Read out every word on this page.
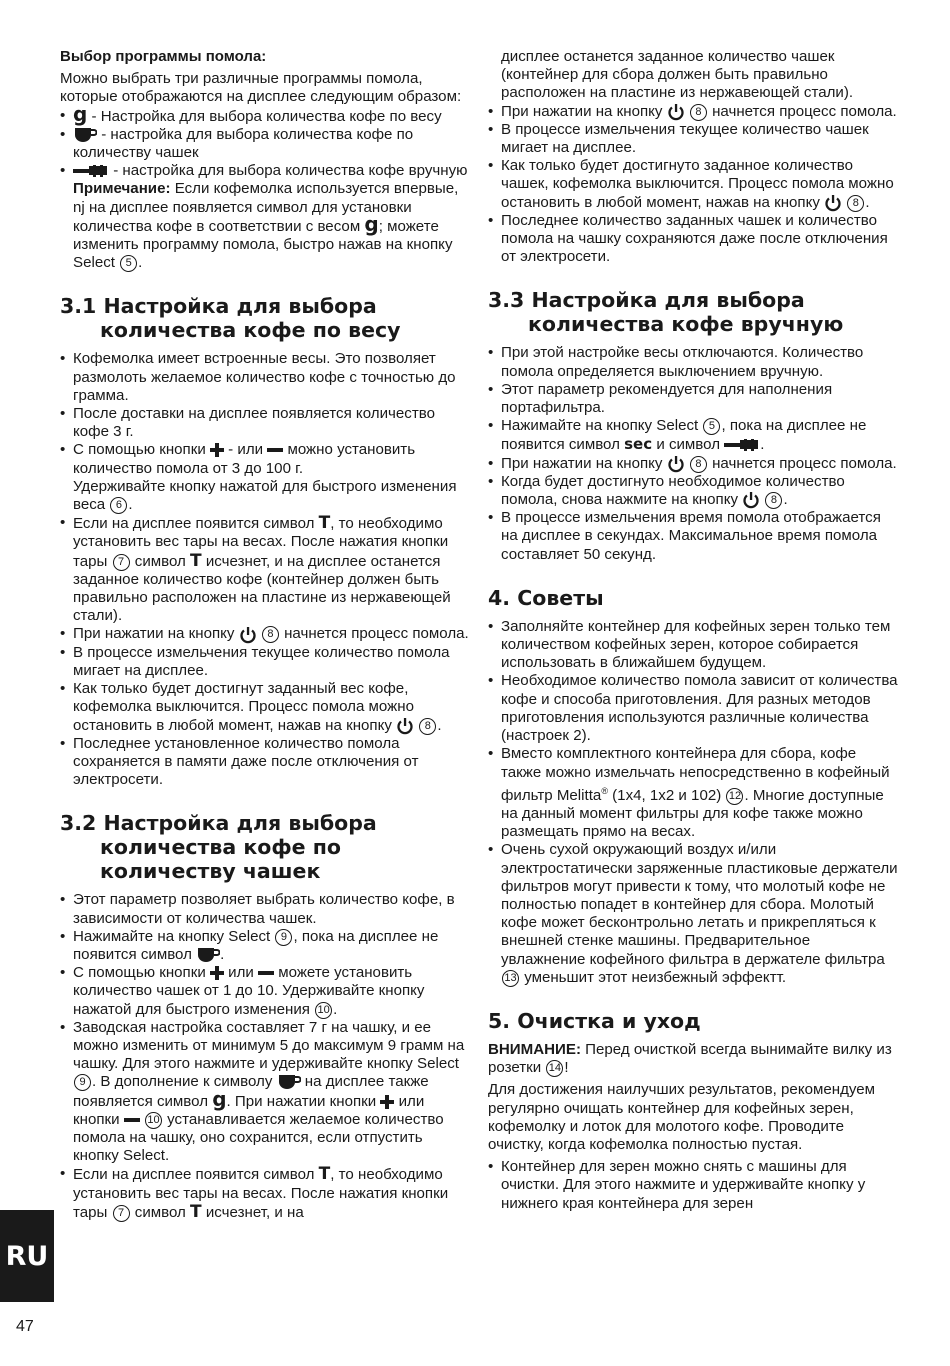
Выбор программы помола:

Можно выбрать три различные программы помола, которые отображаются на дисплее следующим образом:

• g - Настройка для выбора количества кофе по весу
• - настройка для выбора количества кофе по количеству чашек
• - настройка для выбора количества кофе вручную

Примечание: Если кофемолка используется впервые, nj на дисплее появляется символ для установки количества кофе в соответствии с весом g; можете изменить программу помола, быстро нажав на кнопку Select 5 .

3.1 Настройка для выбора количества кофе по весу
• Кофемолка имеет встроенные весы. Это позволяет размолоть желаемое количество кофе с точностью до грамма.
• После доставки на дисплее появляется количество кофе 3 г.
• С помощью кнопки  - или  можно установить количество помола от 3 до 100 г.
Удерживайте кнопку нажатой для быстрого изменения веса 6 .
• Если на дисплее появится символ T, то необходимо установить вес тары на весах. После нажатия кнопки тары 7 символ T исчезнет, и на дисплее останется заданное количество кофе (контейнер должен быть правильно расположен на пластине из нержавеющей стали).
• При нажатии на кнопку	8 начнется процесс помола.
• В процессе измельчения текущее количество помола мигает на дисплее.
• Как только будет достигнут заданный вес кофе, кофемолка выключится. Процесс помола можно остановить в любой момент, нажав на кнопку	8 .
• Последнее установленное количество помола сохраняется в памяти даже после отключения от электросети.
3.2 Настройка для выбора количества кофе по количеству чашек
• Этот параметр позволяет выбрать количество кофе, в зависимости от количества чашек.
• Нажимайте на кнопку Select 9 , пока на дисплее не появится символ .
• С помощью кнопки  или  можете установить количество чашек от 1 до 10. Удерживайте кнопку нажатой для быстрого изменения 10 .
• Заводская настройка составляет 7 г на чашку, и ее можно изменить от минимум 5 до максимум 9 грамм на чашку. Для этого нажмите и удерживайте кнопку Select 9 . В дополнение к символу  на дисплее также появляется символ g. При нажатии кнопки  или кнопки  10 устанавливается желаемое количество помола на чашку, оно сохранится, если отпустить кнопку Select.
• Если на дисплее появится символ T, то необходимо установить вес тары на весах. После нажатия кнопки тары 7 символ T исчезнет, и на

дисплее останется заданное количество чашек (контейнер для сбора должен быть правильно расположен на пластине из нержавеющей стали).

• При нажатии на кнопку	8 начнется процесс помола.
• В процессе измельчения текущее количество чашек мигает на дисплее.
• Как только будет достигнуто заданное количество чашек, кофемолка выключится. Процесс помола можно остановить в любой момент, нажав на кнопку	8 .
• Последнее количество заданных чашек и количество помола на чашку сохраняются даже после отключения от электросети.
3.3 Настройка для выбора количества кофе вручную
• При этой настройке весы отключаются. Количество помола определяется выключением вручную.
• Этот параметр рекомендуется для наполнения портафильтра.
• Нажимайте на кнопку Select 5 , пока на дисплее не появится символ sec и символ .
• При нажатии на кнопку	8 начнется процесс помола.
• Когда будет достигнуто необходимое количество помола, снова нажмите на кнопку	8 .
• В процессе измельчения время помола отображается на дисплее в секундах. Максимальное время помола составляет 50 секунд.
4. Советы
• Заполняйте контейнер для кофейных зерен только тем количеством кофейных зерен, которое собирается использовать в ближайшем будущем.
• Необходимое количество помола зависит от количества кофе и способа приготовления. Для разных методов приготовления используются различные количества (настроек 2).
• Вместо комплектного контейнера для сбора, кофе также можно измельчать непосредственно в кофейный фильтр Melitta® (1x4, 1x2 и 102) 12 . Многие доступные на данный момент фильтры для кофе также можно размещать прямо на весах.
• Очень сухой окружающий воздух и/или электростатически заряженные пластиковые держатели фильтров могут привести к тому, что молотый кофе не полностью попадет в контейнер для сбора. Молотый кофе может бесконтрольно летать и прикрепляться к внешней стенке машины. Предварительное увлажнение кофейного фильтра в держателе фильтра 13 уменьшит этот неизбежный эффектт.
5. Очистка и уход

ВНИМАНИЕ: Перед очисткой всегда вынимайте вилку из розетки 14 !

Для достижения наилучших результатов, рекомендуем регулярно очищать контейнер для кофейных зерен, кофемолку и лоток для молотого кофе. Проводите очистку, когда кофемолка полностью пустая.

• Контейнер для зерен можно снять с машины для очистки. Для этого нажмите и удерживайте кнопку у нижнего края контейнера для зерен
RU
47
